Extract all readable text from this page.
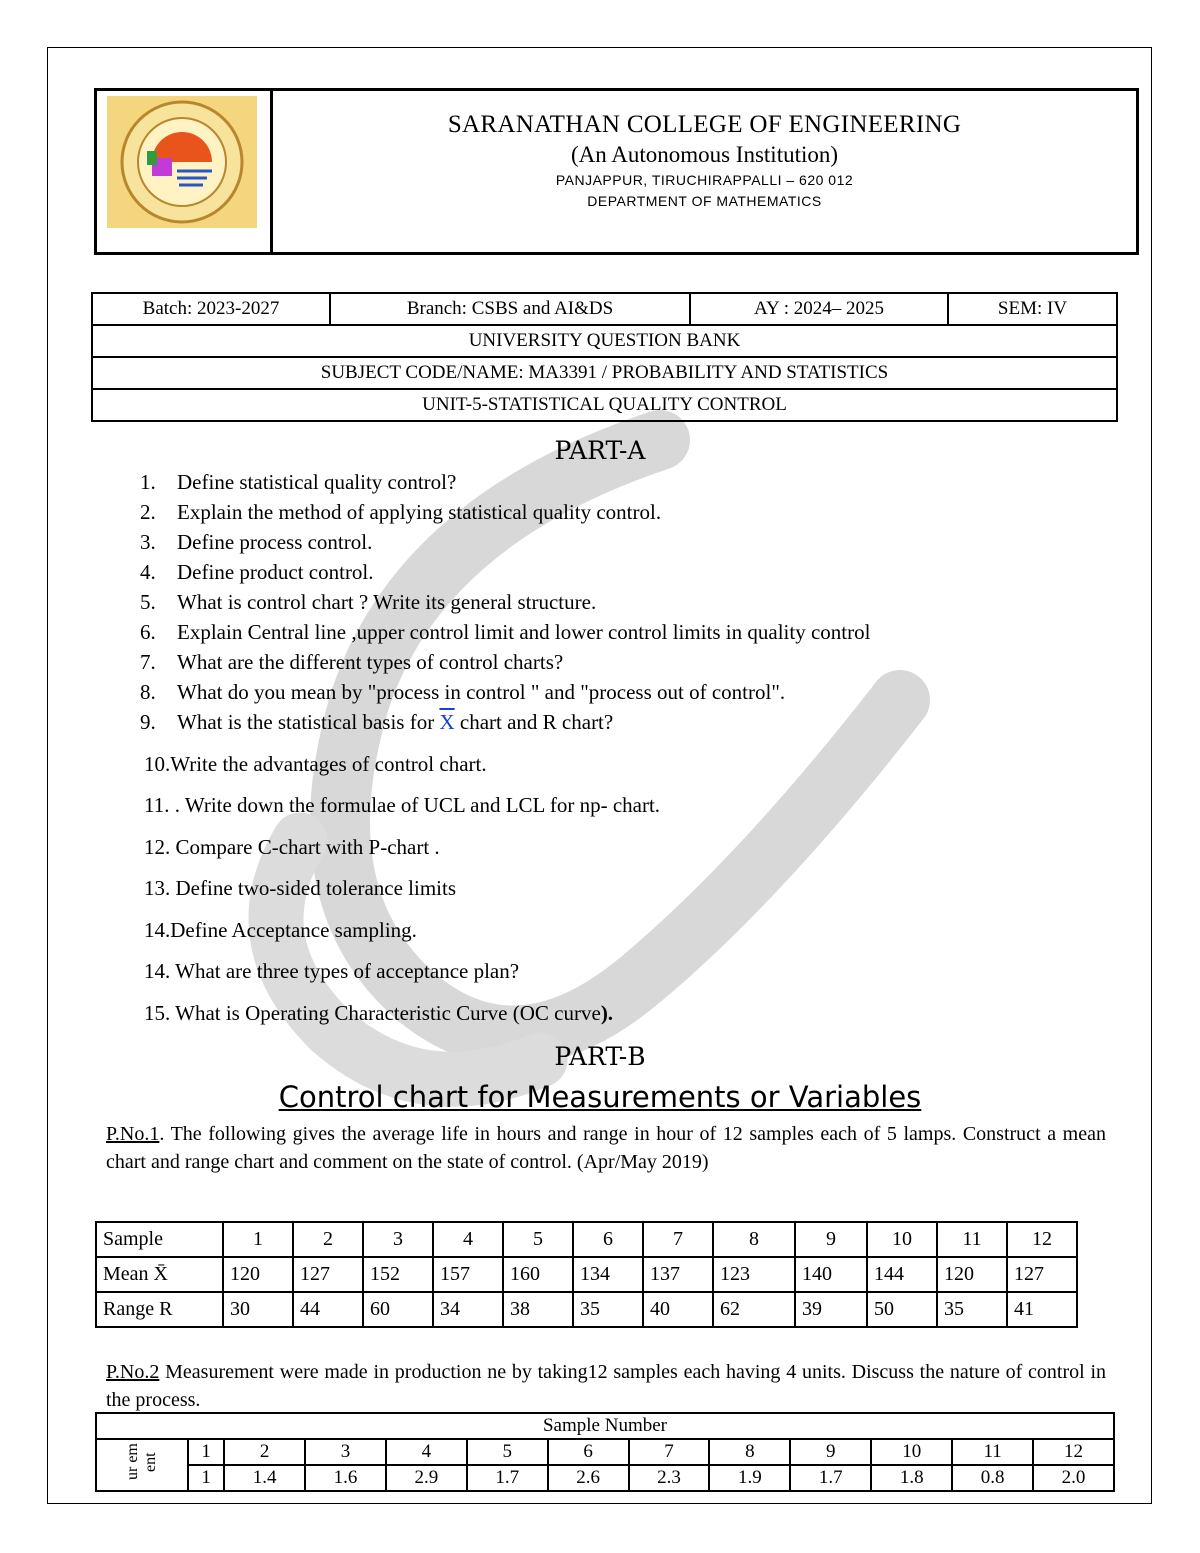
SARANATHAN COLLEGE OF ENGINEERING
(An Autonomous Institution)
PANJAPPUR, TIRUCHIRAPPALLI – 620 012
DEPARTMENT OF MATHEMATICS
Batch: 2023-2027	Branch: CSBS and AI&DS	AY : 2024– 2025	SEM: IV
UNIVERSITY QUESTION BANK
SUBJECT CODE/NAME: MA3391 / PROBABILITY AND STATISTICS
UNIT-5-STATISTICAL QUALITY CONTROL
PART-A
1. Define statistical quality control?
2. Explain the method of applying statistical quality control.
3. Define process control.
4. Define product control.
5. What is control chart ? Write its general structure.
6. Explain Central line ,upper control limit and lower control limits in quality control
7. What are the different types of control charts?
8. What do you mean by "process in control " and "process out of control".
9. What is the statistical basis for $\overline{X}$ chart and R chart?
10.Write the advantages of control chart.
11. . Write down the formulae of UCL and LCL for np- chart.
12. Compare C-chart with P-chart .
13. Define two-sided tolerance limits
14.Define Acceptance sampling.
14. What are three types of acceptance plan?
15. What is Operating Characteristic Curve (OC curve).
PART-B
Control chart for Measurements or Variables
P.No.1. The following gives the average life in hours and range in hour of 12 samples each of 5 lamps. Construct a mean chart and range chart and comment on the state of control. (Apr/May 2019)
Sample	1	2	3	4	5	6	7	8	9	10	11	12
Mean X̄	120	127	152	157	160	134	137	123	140	144	120	127
Range R	30	44	60	34	38	35	40	62	39	50	35	41
P.No.2 Measurement were made in production ne by taking12 samples each having 4 units. Discuss the nature of control in the process.
Sample Number												
ur em ent	1	2	3	4	5	6	7	8	9	10	11	12
	1	1.4	1.6	2.9	1.7	2.6	2.3	1.9	1.7	1.8	0.8	2.0
